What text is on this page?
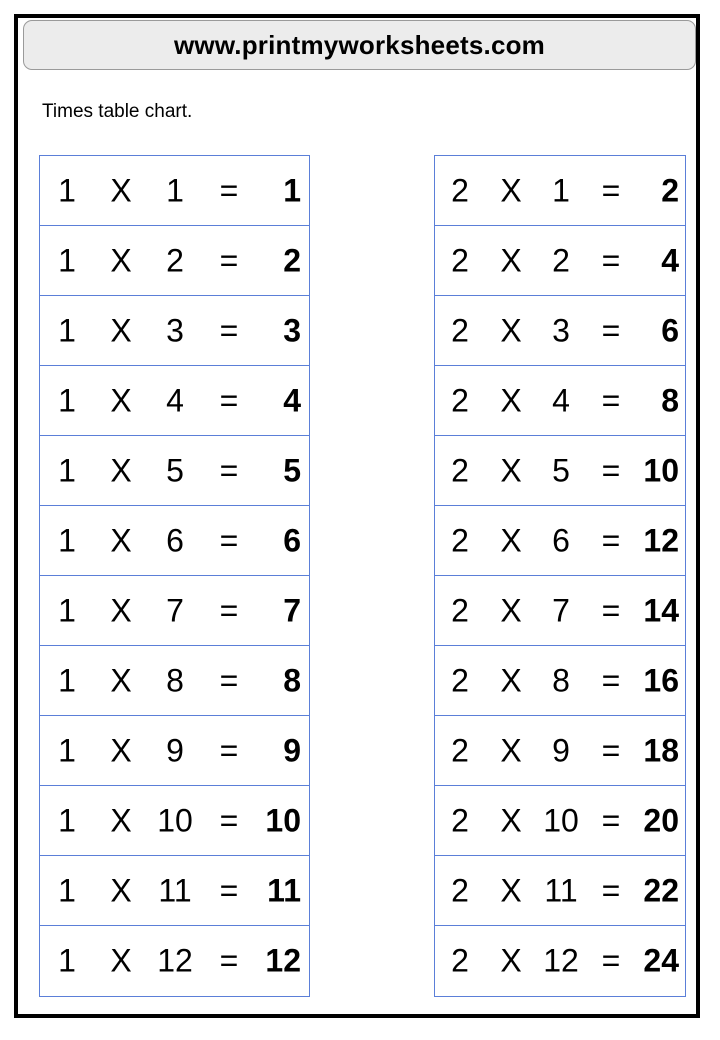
www.printmyworksheets.com
Times table chart.
1 X 1 = 1
1 X 2 = 2
1 X 3 = 3
1 X 4 = 4
1 X 5 = 5
1 X 6 = 6
1 X 7 = 7
1 X 8 = 8
1 X 9 = 9
1 X 10 = 10
1 X 11 = 11
1 X 12 = 12
2 X 1 = 2
2 X 2 = 4
2 X 3 = 6
2 X 4 = 8
2 X 5 = 10
2 X 6 = 12
2 X 7 = 14
2 X 8 = 16
2 X 9 = 18
2 X 10 = 20
2 X 11 = 22
2 X 12 = 24
